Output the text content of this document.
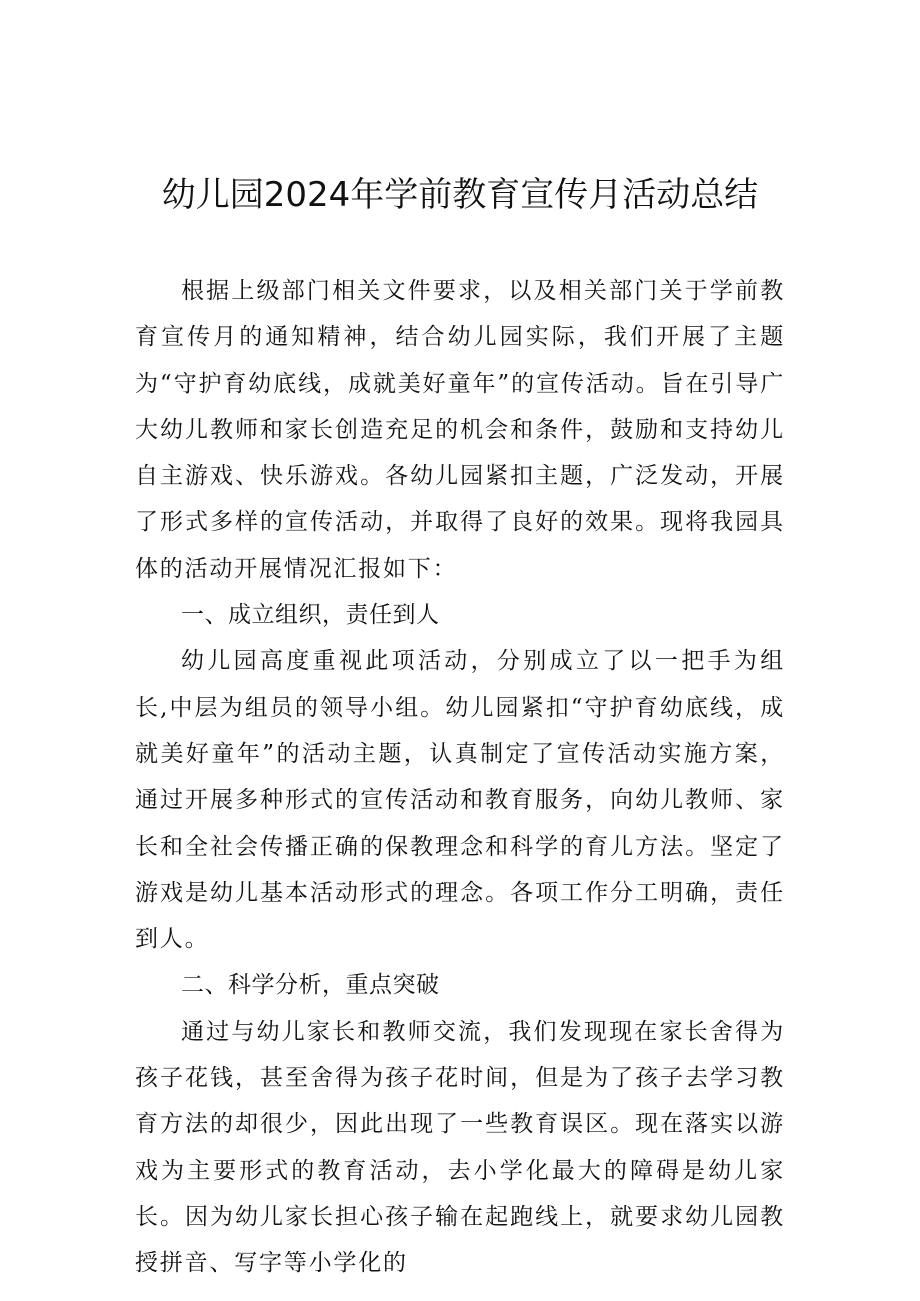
幼儿园2024年学前教育宣传月活动总结

根据上级部门相关文件要求，以及相关部门关于学前教育宣传月的通知精神，结合幼儿园实际，我们开展了主题为“守护育幼底线，成就美好童年”的宣传活动。旨在引导广大幼儿教师和家长创造充足的机会和条件，鼓励和支持幼儿自主游戏、快乐游戏。各幼儿园紧扣主题，广泛发动，开展了形式多样的宣传活动，并取得了良好的效果。现将我园具体的活动开展情况汇报如下：

一、成立组织，责任到人

幼儿园高度重视此项活动，分别成立了以一把手为组长,中层为组员的领导小组。幼儿园紧扣“守护育幼底线，成就美好童年”的活动主题，认真制定了宣传活动实施方案，通过开展多种形式的宣传活动和教育服务，向幼儿教师、家长和全社会传播正确的保教理念和科学的育儿方法。坚定了游戏是幼儿基本活动形式的理念。各项工作分工明确，责任到人。

二、科学分析，重点突破

通过与幼儿家长和教师交流，我们发现现在家长舍得为孩子花钱，甚至舍得为孩子花时间，但是为了孩子去学习教育方法的却很少，因此出现了一些教育误区。现在落实以游戏为主要形式的教育活动，去小学化最大的障碍是幼儿家长。因为幼儿家长担心孩子输在起跑线上，就要求幼儿园教授拼音、写字等小学化的
